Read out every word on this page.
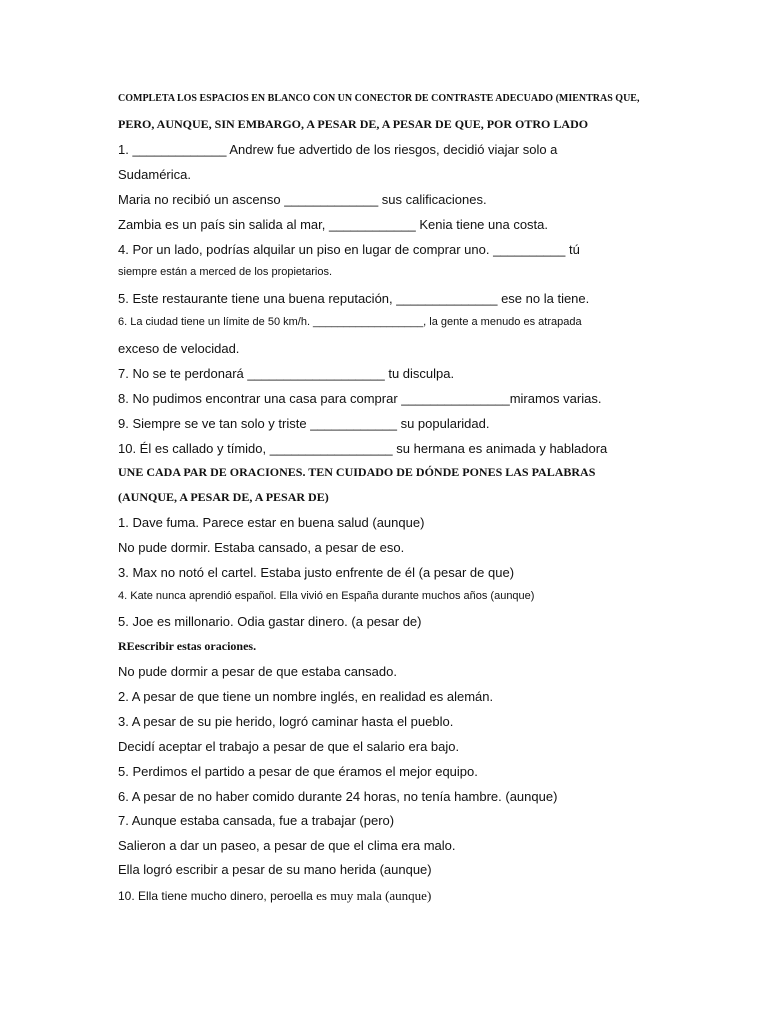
COMPLETA LOS ESPACIOS EN BLANCO CON UN CONECTOR DE CONTRASTE ADECUADO (MIENTRAS QUE,
PERO, AUNQUE, SIN EMBARGO, A PESAR DE, A PESAR DE QUE, POR OTRO LADO
1. _____________ Andrew fue advertido de los riesgos, decidió viajar solo a
Sudamérica.
Maria no recibió un ascenso _____________ sus calificaciones.
Zambia es un país sin salida al mar, ____________ Kenia tiene una costa.
4. Por un lado, podrías alquilar un piso en lugar de comprar uno. __________ tú
siempre están a merced de los propietarios.
5. Este restaurante tiene una buena reputación, ______________ ese no la tiene.
6. La ciudad tiene un límite de 50 km/h. __________________, la gente a menudo es atrapada
exceso de velocidad.
7. No se te perdonará ___________________ tu disculpa.
8. No pudimos encontrar una casa para comprar _______________miramos varias.
9. Siempre se ve tan solo y triste ____________ su popularidad.
10. Él es callado y tímido, _________________ su hermana es animada y habladora
UNE CADA PAR DE ORACIONES. TEN CUIDADO DE DÓNDE PONES LAS PALABRAS
(AUNQUE, A PESAR DE, A PESAR DE)
1. Dave fuma. Parece estar en buena salud (aunque)
No pude dormir. Estaba cansado, a pesar de eso.
3. Max no notó el cartel. Estaba justo enfrente de él (a pesar de que)
4. Kate nunca aprendió español. Ella vivió en España durante muchos años (aunque)
5. Joe es millonario. Odia gastar dinero. (a pesar de)
REescribir estas oraciones.
No pude dormir a pesar de que estaba cansado.
2. A pesar de que tiene un nombre inglés, en realidad es alemán.
3. A pesar de su pie herido, logró caminar hasta el pueblo.
Decidí aceptar el trabajo a pesar de que el salario era bajo.
5. Perdimos el partido a pesar de que éramos el mejor equipo.
6. A pesar de no haber comido durante 24 horas, no tenía hambre. (aunque)
7. Aunque estaba cansada, fue a trabajar (pero)
Salieron a dar un paseo, a pesar de que el clima era malo.
Ella logró escribir a pesar de su mano herida (aunque)
10. Ella tiene mucho dinero, peroella es muy mala (aunque)
